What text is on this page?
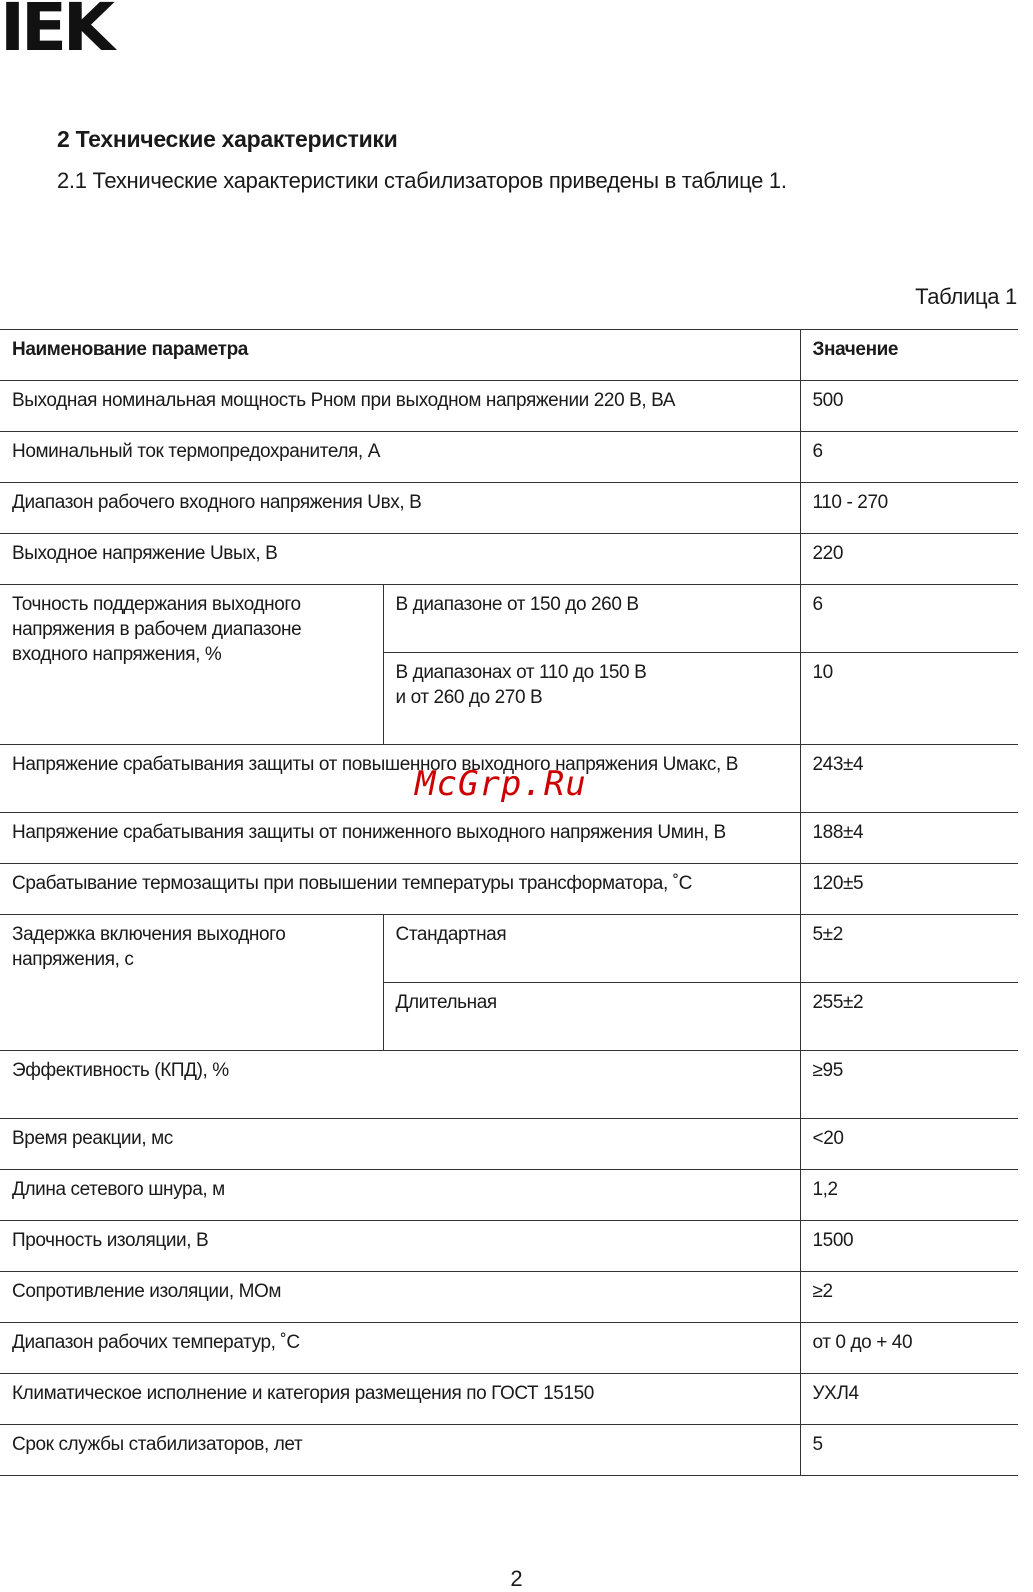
IEK
2 Технические характеристики
2.1 Технические характеристики стабилизаторов приведены в таблице 1.
Таблица 1
Наименование параметра		Значение
Выходная номинальная мощность Pном при выходном напряжении 220 В, ВА		500
Номинальный ток термопредохранителя, А		6
Диапазон рабочего входного напряжения Uвх, В		110 - 270
Выходное напряжение Uвых, В		220
Точность поддержания выходного напряжения в рабочем диапазоне входного напряжения, %	В диапазоне от 150 до 260 В	6

	В диапазонах от 110 до 150 В
и от 260 до 270 В	10
Напряжение срабатывания защиты от повышенного выходного напряжения Uмакс, В		243±4
Напряжение срабатывания защиты от пониженного выходного напряжения Uмин, В		188±4
Срабатывание термозащиты при повышении температуры трансформатора, ˚С		120±5
Задержка включения выходного напряжения, с	Стандартная	5±2
	Длительная	255±2
Эффективность (КПД), %		≥95
Время реакции, мс		<20
Длина сетевого шнура, м		1,2
Прочность изоляции, В		1500
Сопротивление изоляции, МОм		≥2
Диапазон рабочих температур, ˚С		от 0 до + 40
Климатическое исполнение и категория размещения по ГОСТ 15150		УХЛ4
Срок службы стабилизаторов, лет		5
McGrp.Ru
2
